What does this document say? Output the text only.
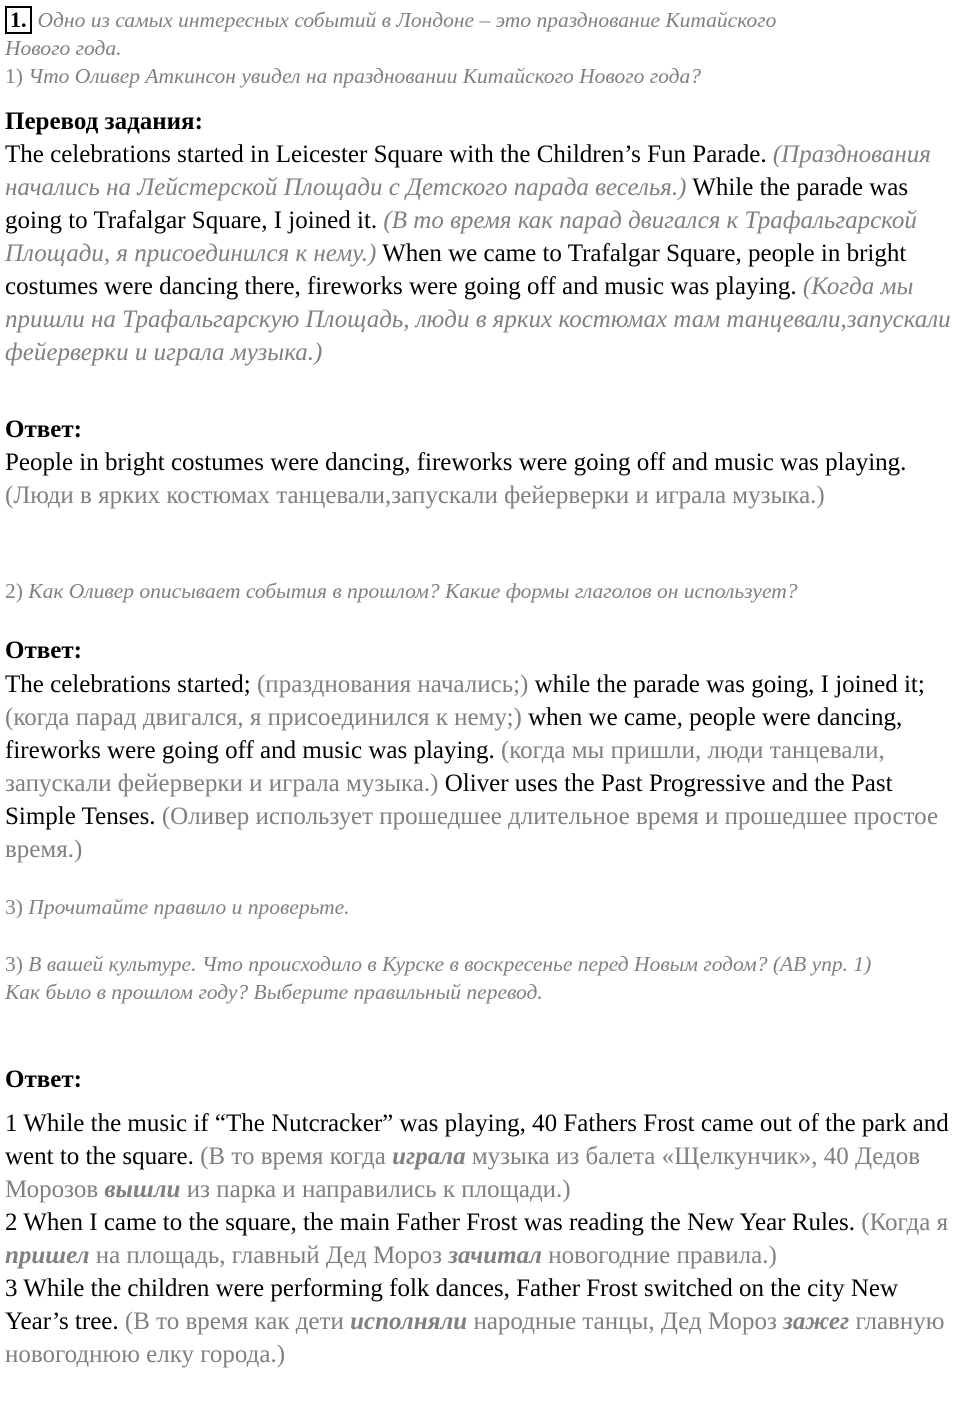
1. Одно из самых интересных событий в Лондоне – это празднование Китайского
Нового года.
1) Что Оливер Аткинсон увидел на праздновании Китайского Нового года?
Перевод задания:

The celebrations started in Leicester Square with the Children’s Fun Parade. (Празднования начались на Лейстерской Площади с Детского парада веселья.) While the parade was going to Trafalgar Square, I joined it. (В то время как парад двигался к Трафальгарской Площади, я присоединился к нему.) When we came to Trafalgar Square, people in bright costumes were dancing there, fireworks were going off and music was playing. (Когда мы пришли на Трафальгарскую Площадь, люди в ярких костюмах там танцевали,запускали фейерверки и играла музыка.)

Ответ:

People in bright costumes were dancing, fireworks were going off and music was playing. (Люди в ярких костюмах танцевали,запускали фейерверки и играла музыка.)

2) Как Оливер описывает события в прошлом? Какие формы глаголов он использует?
Ответ:

The celebrations started; (празднования начались;) while the parade was going, I joined it; (когда парад двигался, я присоединился к нему;) when we came, people were dancing, fireworks were going off and music was playing. (когда мы пришли, люди танцевали, запускали фейерверки и играла музыка.) Oliver uses the Past Progressive and the Past Simple Tenses. (Оливер использует прошедшее длительное время и прошедшее простое время.)

3) Прочитайте правило и проверьте.
3) В вашей культуре. Что происходило в Курске в воскресенье перед Новым годом? (АВ упр. 1)
Как было в прошлом году? Выберите правильный перевод.
Ответ:
1 While the music if “The Nutcracker” was playing, 40 Fathers Frost came out of the park and went to the square. (В то время когда играла музыка из балета «Щелкунчик», 40 Дедов Морозов вышли из парка и направились к площади.)
2 When I came to the square, the main Father Frost was reading the New Year Rules. (Когда я пришел на площадь, главный Дед Мороз зачитал новогодние правила.)
3 While the children were performing folk dances, Father Frost switched on the city New Year’s tree. (В то время как дети исполняли народные танцы, Дед Мороз зажег главную новогоднюю елку города.)
